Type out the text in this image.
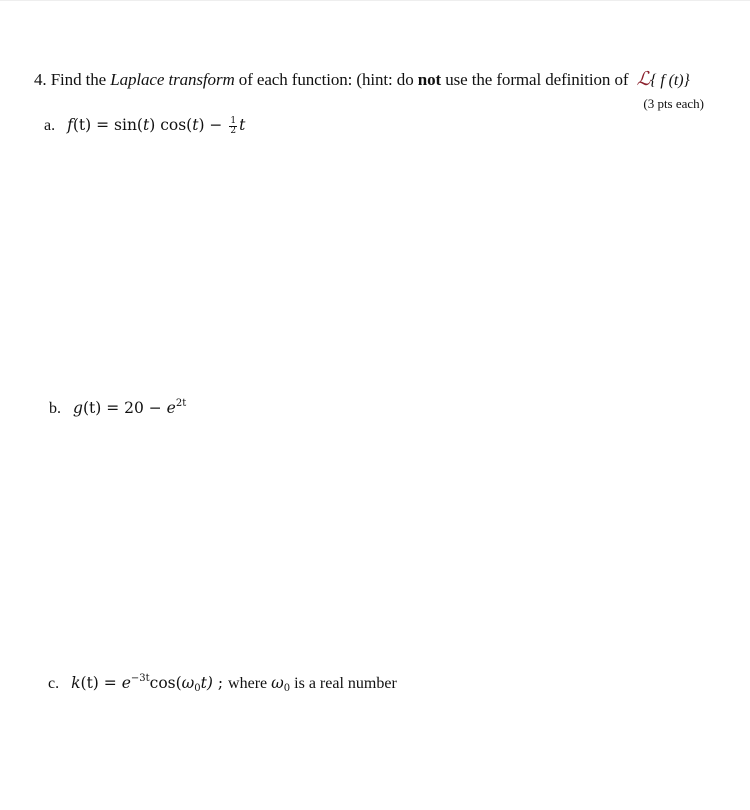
4. Find the Laplace transform of each function: (hint: do not use the formal definition of ℒ{ f (t)}
(3 pts each)
a. f(t) = sin(t) $\cos(t) - \frac{1}{2}$ t
b. $g(t) = 20 - e^{2t}$
c. $k(t) = e^{-3t}\cos(\omega_0t)$ ; where $\omega_0$ is a real number
